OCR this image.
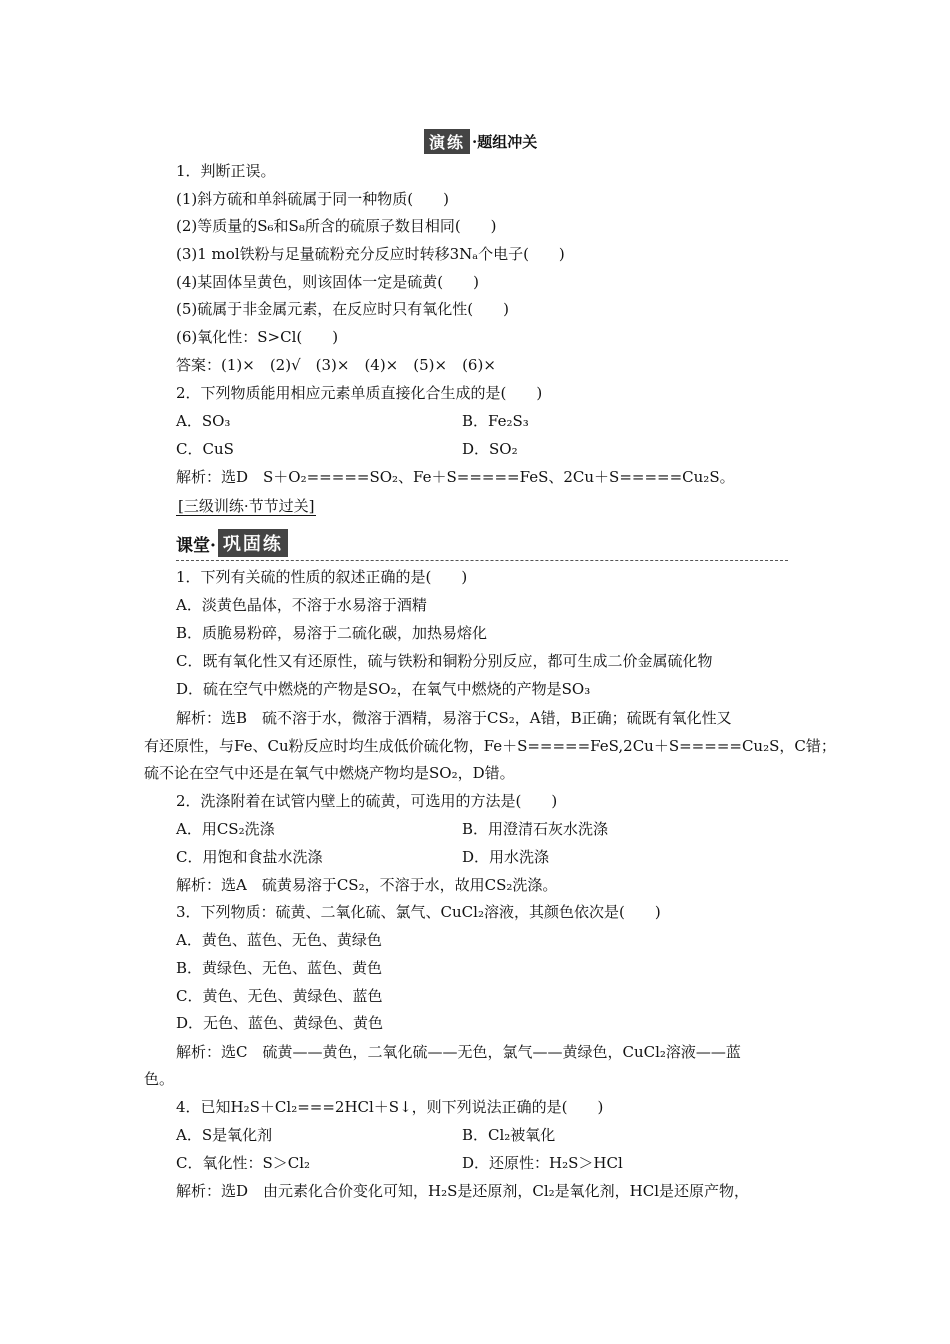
演练 ·题组冲关
1．判断正误。
(1)斜方硫和单斜硫属于同一种物质(　　)
(2)等质量的S₆和S₈所含的硫原子数目相同(　　)
(3)1 mol铁粉与足量硫粉充分反应时转移3Nₐ个电子(　　)
(4)某固体呈黄色，则该固体一定是硫黄(　　)
(5)硫属于非金属元素，在反应时只有氧化性(　　)
(6)氧化性：S>Cl(　　)
答案：(1)×　(2)√　(3)×　(4)×　(5)×　(6)×
2．下列物质能用相应元素单质直接化合生成的是(　　)
A．SO₃	B．Fe₂S₃
C．CuS	D．SO₂
解析：选D　S＋O₂=====SO₂、Fe＋S=====FeS、2Cu＋S=====Cu₂S。
[三级训练·节节过关]
课堂· 巩固练
1．下列有关硫的性质的叙述正确的是(　　)
A．淡黄色晶体，不溶于水易溶于酒精
B．质脆易粉碎，易溶于二硫化碳，加热易熔化
C．既有氧化性又有还原性，硫与铁粉和铜粉分别反应，都可生成二价金属硫化物
D．硫在空气中燃烧的产物是SO₂，在氧气中燃烧的产物是SO₃
解析：选B　硫不溶于水，微溶于酒精，易溶于CS₂，A错，B正确；硫既有氧化性又
有还原性，与Fe、Cu粉反应时均生成低价硫化物，Fe＋S=====FeS,2Cu＋S=====Cu₂S，C错；
硫不论在空气中还是在氧气中燃烧产物均是SO₂，D错。
2．洗涤附着在试管内壁上的硫黄，可选用的方法是(　　)
A．用CS₂洗涤	B．用澄清石灰水洗涤
C．用饱和食盐水洗涤	D．用水洗涤
解析：选A　硫黄易溶于CS₂，不溶于水，故用CS₂洗涤。
3．下列物质：硫黄、二氧化硫、氯气、CuCl₂溶液，其颜色依次是(　　)
A．黄色、蓝色、无色、黄绿色
B．黄绿色、无色、蓝色、黄色
C．黄色、无色、黄绿色、蓝色
D．无色、蓝色、黄绿色、黄色
解析：选C　硫黄——黄色，二氧化硫——无色，氯气——黄绿色，CuCl₂溶液——蓝
色。
4．已知H₂S＋Cl₂===2HCl＋S↓，则下列说法正确的是(　　)
A．S是氧化剂	B．Cl₂被氧化
C．氧化性：S＞Cl₂	D．还原性：H₂S＞HCl
解析：选D　由元素化合价变化可知，H₂S是还原剂，Cl₂是氧化剂，HCl是还原产物，
